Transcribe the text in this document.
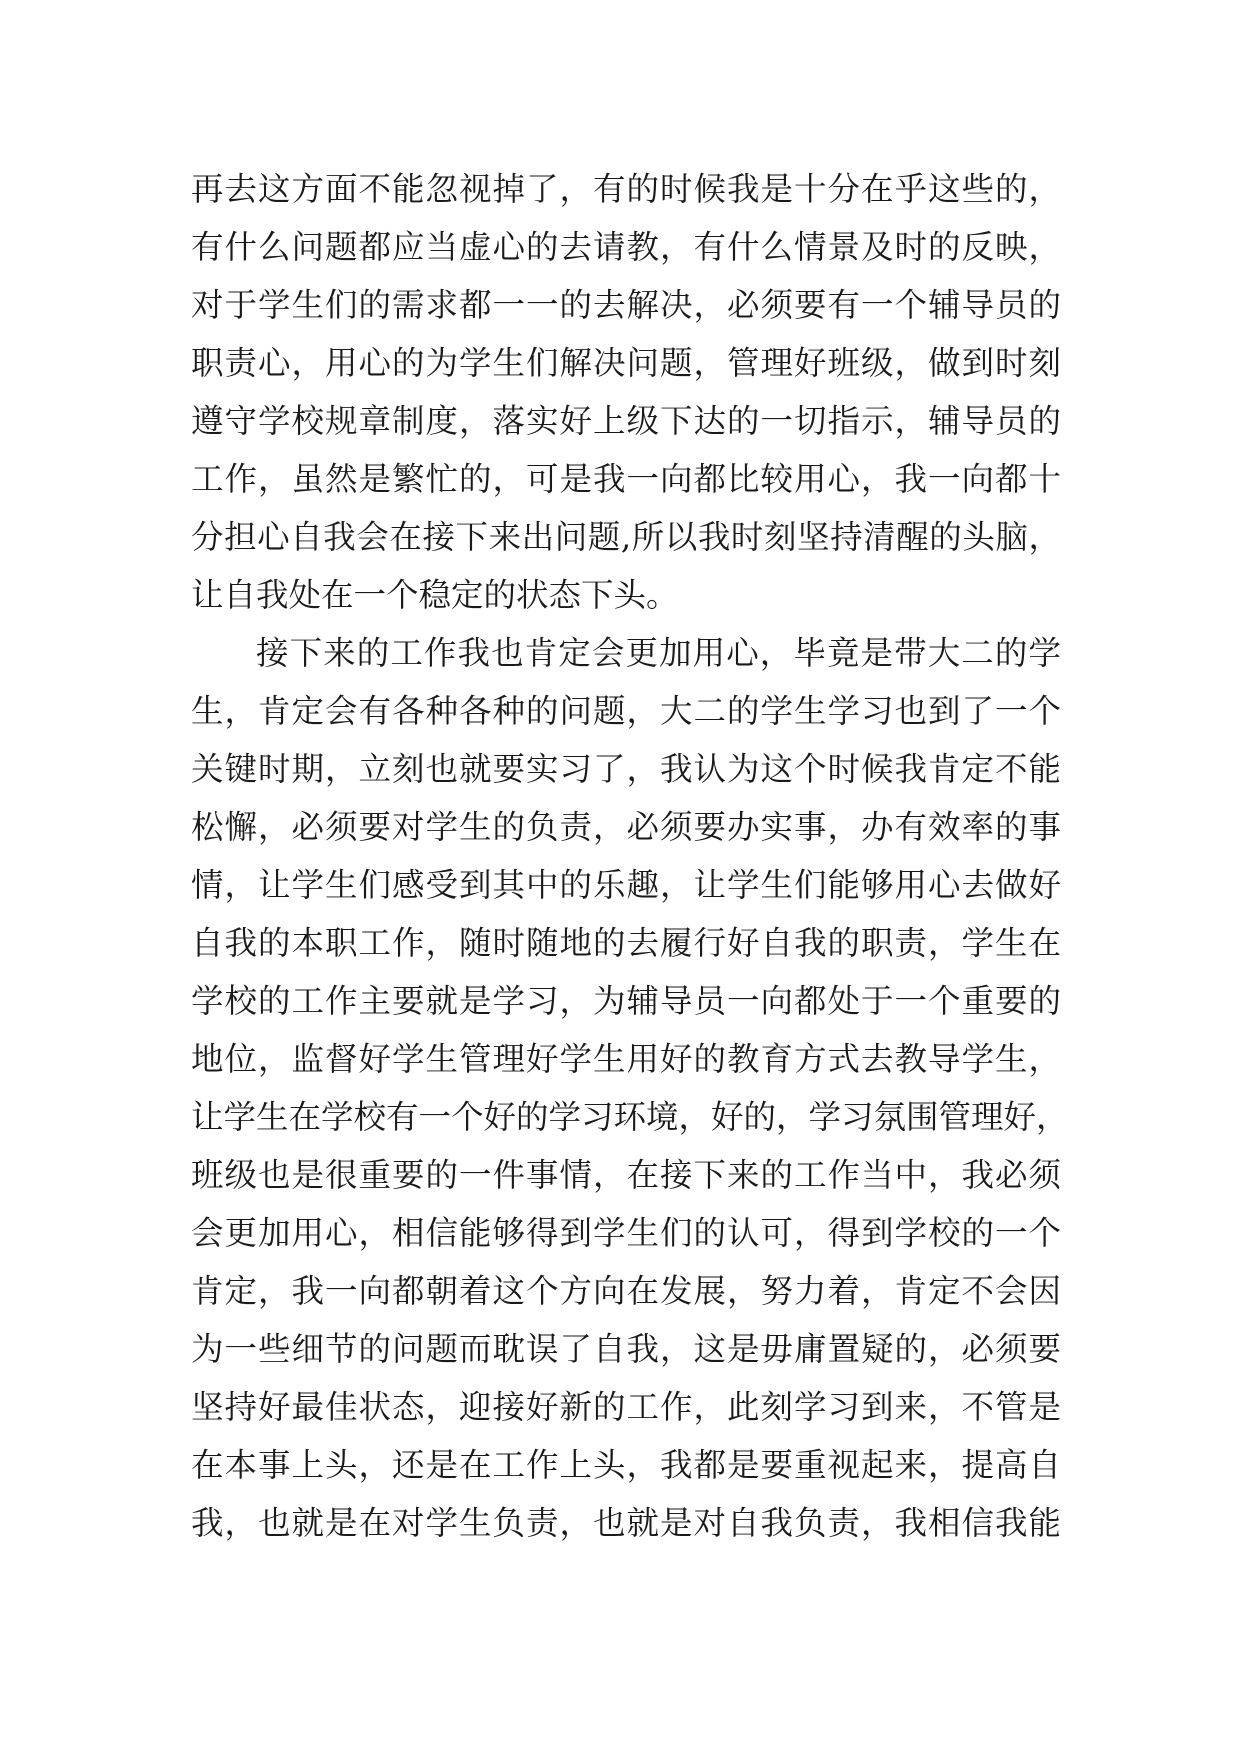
再去这方面不能忽视掉了，有的时候我是十分在乎这些的，
有什么问题都应当虚心的去请教，有什么情景及时的反映，
对于学生们的需求都一一的去解决，必须要有一个辅导员的
职责心，用心的为学生们解决问题，管理好班级，做到时刻
遵守学校规章制度，落实好上级下达的一切指示，辅导员的
工作，虽然是繁忙的，可是我一向都比较用心，我一向都十
分担心自我会在接下来出问题,所以我时刻坚持清醒的头脑，
让自我处在一个稳定的状态下头。
接下来的工作我也肯定会更加用心，毕竟是带大二的学
生，肯定会有各种各种的问题，大二的学生学习也到了一个
关键时期，立刻也就要实习了，我认为这个时候我肯定不能
松懈，必须要对学生的负责，必须要办实事，办有效率的事
情，让学生们感受到其中的乐趣，让学生们能够用心去做好
自我的本职工作，随时随地的去履行好自我的职责，学生在
学校的工作主要就是学习，为辅导员一向都处于一个重要的
地位，监督好学生管理好学生用好的教育方式去教导学生，
让学生在学校有一个好的学习环境，好的，学习氛围管理好，
班级也是很重要的一件事情，在接下来的工作当中，我必须
会更加用心，相信能够得到学生们的认可，得到学校的一个
肯定，我一向都朝着这个方向在发展，努力着，肯定不会因
为一些细节的问题而耽误了自我，这是毋庸置疑的，必须要
坚持好最佳状态，迎接好新的工作，此刻学习到来，不管是
在本事上头，还是在工作上头，我都是要重视起来，提高自
我，也就是在对学生负责，也就是对自我负责，我相信我能
